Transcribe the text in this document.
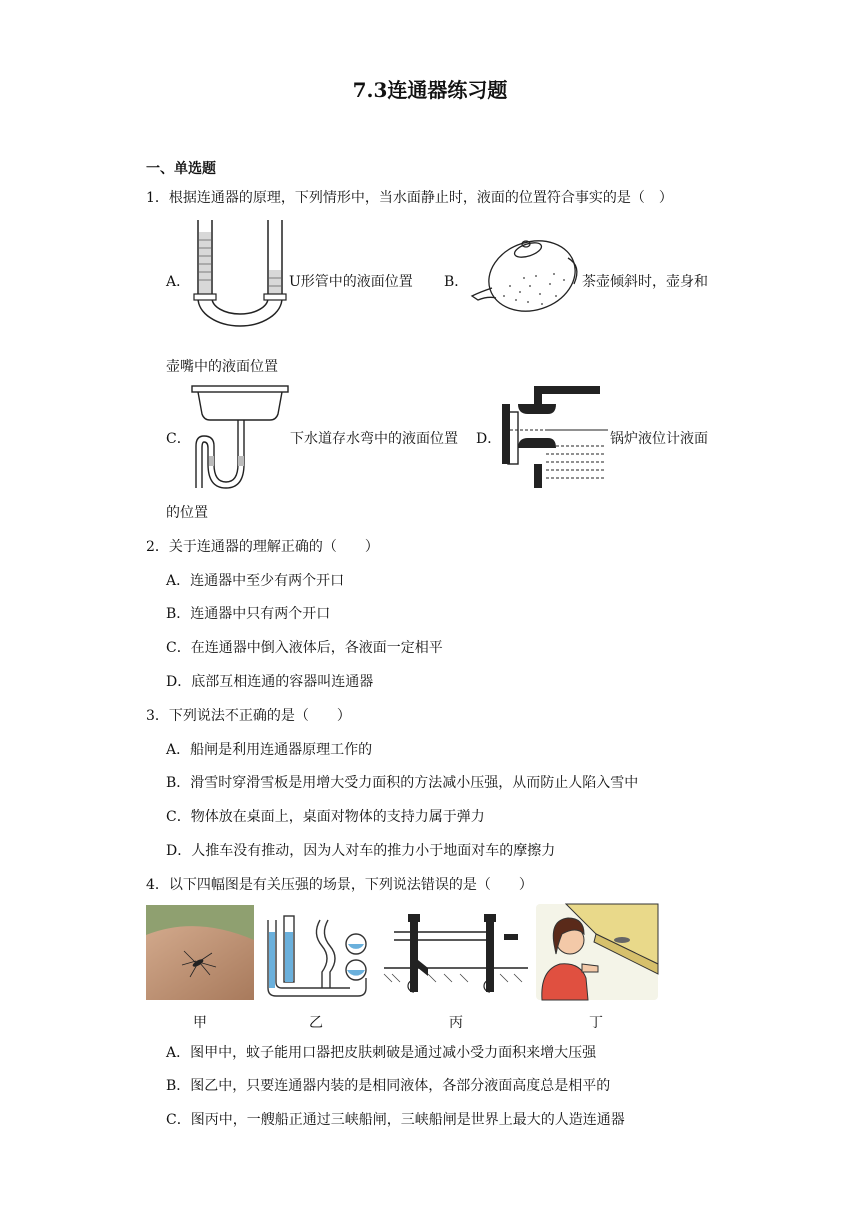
7.3连通器练习题
一、单选题
1．根据连通器的原理，下列情形中，当水面静止时，液面的位置符合事实的是（　）
A．	U形管中的液面位置 B．	茶壶倾斜时，壶身和
壶嘴中的液面位置
C．	下水道存水弯中的液面位置 D．	锅炉液位计液面
的位置
2．关于连通器的理解正确的（　　）
A．连通器中至少有两个开口
B．连通器中只有两个开口
C．在连通器中倒入液体后，各液面一定相平
D．底部互相连通的容器叫连通器
3．下列说法不正确的是（　　）
A．船闸是利用连通器原理工作的
B．滑雪时穿滑雪板是用增大受力面积的方法减小压强，从而防止人陷入雪中
C．物体放在桌面上，桌面对物体的支持力属于弹力
D．人推车没有推动，因为人对车的推力小于地面对车的摩擦力
4．以下四幅图是有关压强的场景，下列说法错误的是（　　）
甲	乙	丙	丁
A．图甲中，蚊子能用口器把皮肤刺破是通过减小受力面积来增大压强
B．图乙中，只要连通器内装的是相同液体，各部分液面高度总是相平的
C．图丙中，一艘船正通过三峡船闸，三峡船闸是世界上最大的人造连通器
